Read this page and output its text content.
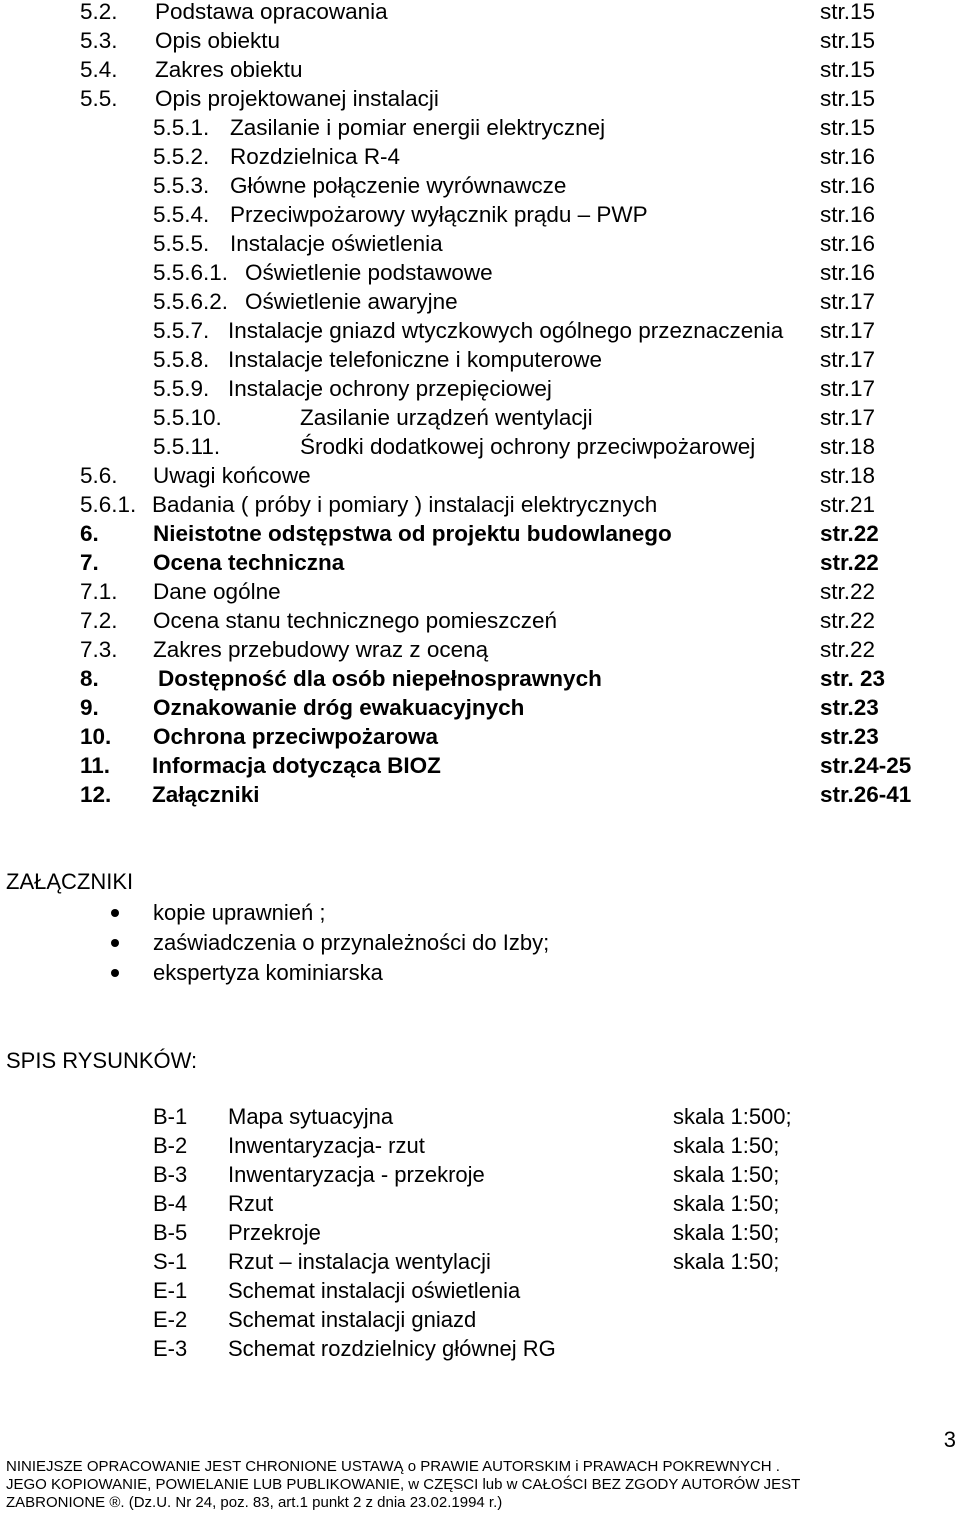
5.2. Podstawa opracowania	str.15
5.3. Opis obiektu	str.15
5.4. Zakres obiektu	str.15
5.5. Opis projektowanej instalacji	str.15
5.5.1. Zasilanie i pomiar energii elektrycznej	str.15
5.5.2. Rozdzielnica R-4	str.16
5.5.3. Główne połączenie wyrównawcze	str.16
5.5.4. Przeciwpożarowy wyłącznik prądu – PWP	str.16
5.5.5. Instalacje oświetlenia	str.16
5.5.6.1. Oświetlenie podstawowe	str.16
5.5.6.2. Oświetlenie awaryjne	str.17
5.5.7. Instalacje gniazd wtyczkowych ogólnego przeznaczenia str.17
5.5.8. Instalacje telefoniczne i komputerowe	str.17
5.5.9. Instalacje ochrony przepięciowej	str.17
5.5.10.	Zasilanie urządzeń wentylacji	str.17
5.5.11.	Środki dodatkowej ochrony przeciwpożarowej	str.18
5.6. Uwagi końcowe	str.18
5.6.1. Badania ( próby i pomiary ) instalacji elektrycznych	str.21
6. Nieistotne odstępstwa od projektu budowlanego	str.22
7. Ocena techniczna	str.22
7.1. Dane ogólne	str.22
7.2. Ocena stanu technicznego pomieszczeń	str.22
7.3. Zakres przebudowy wraz z oceną	str.22
8.	Dostępność dla osób niepełnosprawnych	str. 23
9. Oznakowanie dróg ewakuacyjnych	str.23
10. Ochrona przeciwpożarowa	str.23
11. Informacja dotycząca BIOZ	str.24-25
12. Załączniki	str.26-41
ZAŁĄCZNIKI
kopie uprawnień ;
zaświadczenia o przynależności do Izby;
ekspertyza kominiarska
SPIS RYSUNKÓW:
B-1 Mapa sytuacyjna	skala 1:500;
B-2 Inwentaryzacja- rzut	skala 1:50;
B-3 Inwentaryzacja - przekroje	skala 1:50;
B-4 Rzut	skala 1:50;
B-5 Przekroje	skala 1:50;
S-1 Rzut – instalacja wentylacji	skala 1:50;
E-1 Schemat instalacji oświetlenia
E-2 Schemat instalacji gniazd
E-3 Schemat rozdzielnicy głównej RG
3
NINIEJSZE OPRACOWANIE JEST CHRONIONE USTAWĄ o PRAWIE AUTORSKIM i PRAWACH POKREWNYCH .
JEGO KOPIOWANIE, POWIELANIE LUB PUBLIKOWANIE, w CZĘSCI lub w CAŁOŚCI BEZ ZGODY AUTORÓW JEST
ZABRONIONE ®. (Dz.U. Nr 24, poz. 83, art.1 punkt 2 z dnia 23.02.1994 r.)
